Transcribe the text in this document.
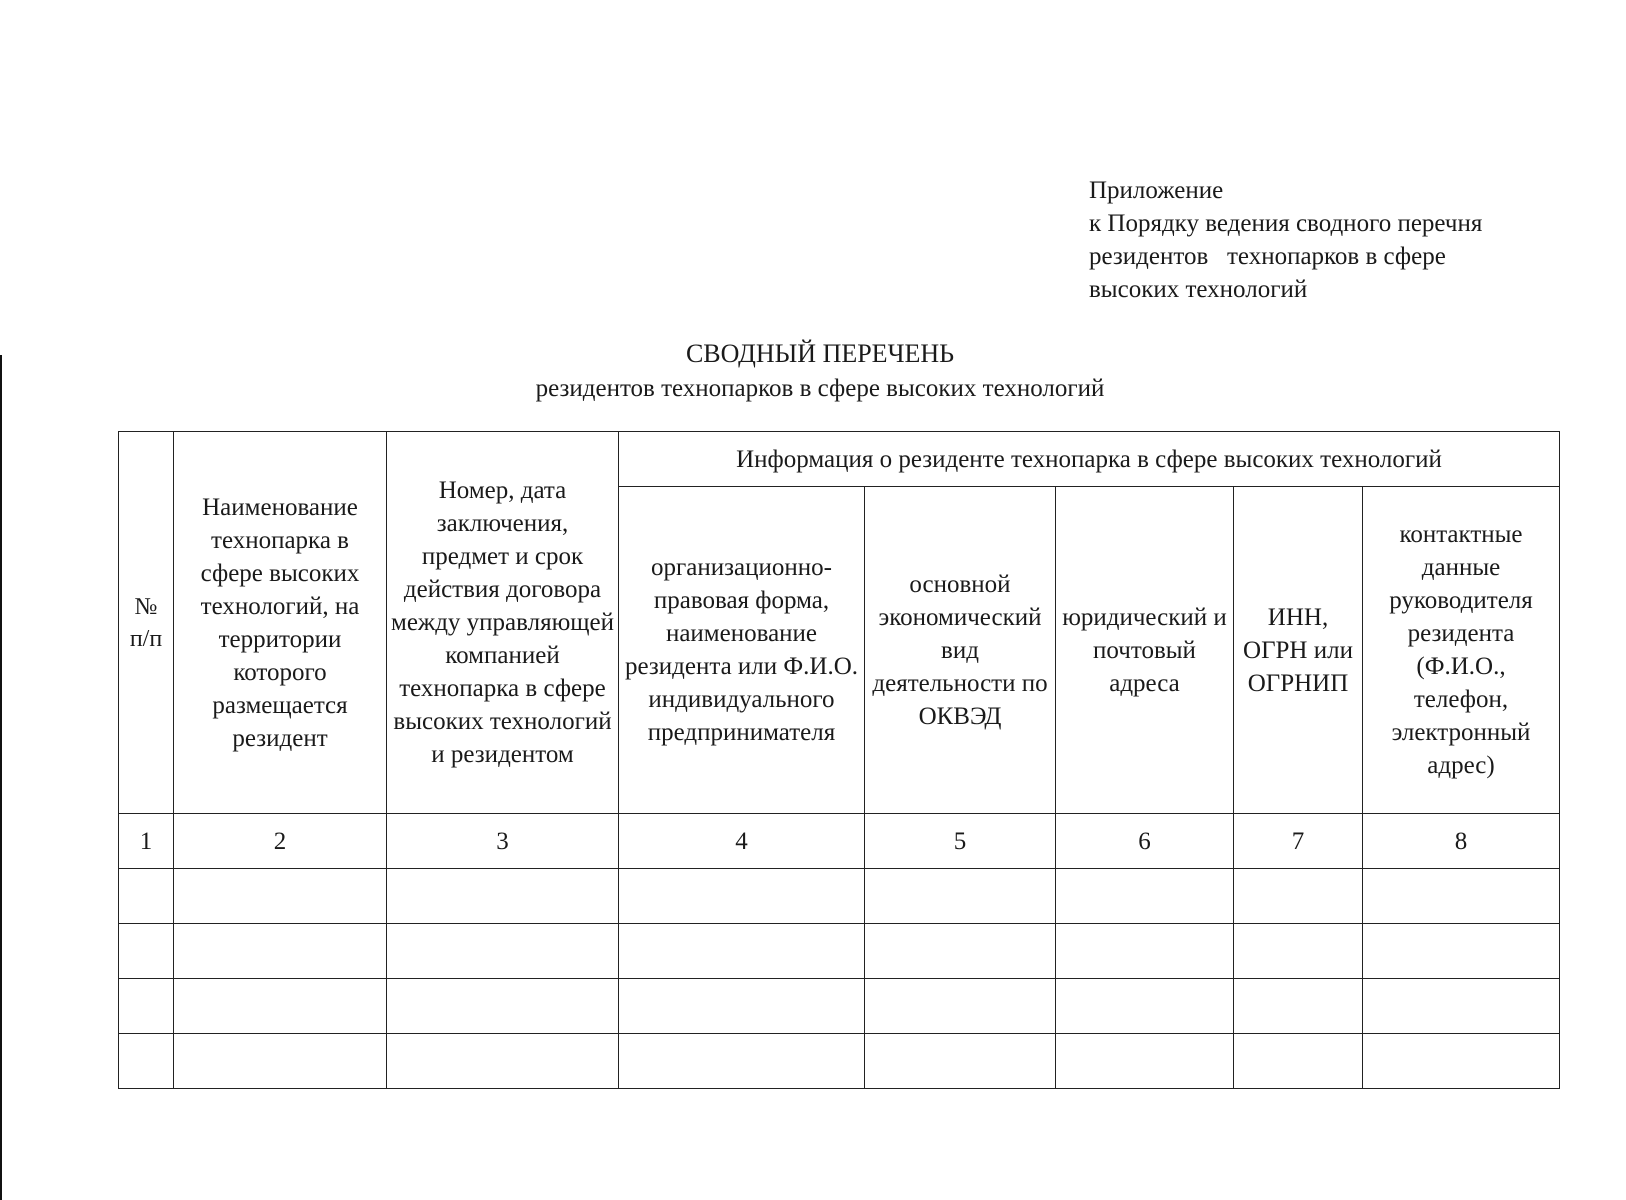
Приложение
к Порядку ведения сводного перечня
резидентов   технопарков в сфере
высоких технологий
СВОДНЫЙ ПЕРЕЧЕНЬ
резидентов технопарков в сфере высоких технологий
№ п/п	Наименование технопарка в сфере высоких технологий, на территории которого размещается резидент	Номер, дата заключения, предмет и срок действия договора между управляющей компанией технопарка в сфере высоких технологий и резидентом	Информация о резиденте технопарка в сфере высоких технологий				
			организационно-правовая форма, наименование резидента или Ф.И.О. индивидуального предпринимателя	основной экономический вид деятельности по ОКВЭД	юридический и почтовый адреса	ИНН, ОГРН или ОГРНИП	контактные данные руководителя резидента (Ф.И.О., телефон, электронный адрес)
1	2	3	4	5	6	7	8
